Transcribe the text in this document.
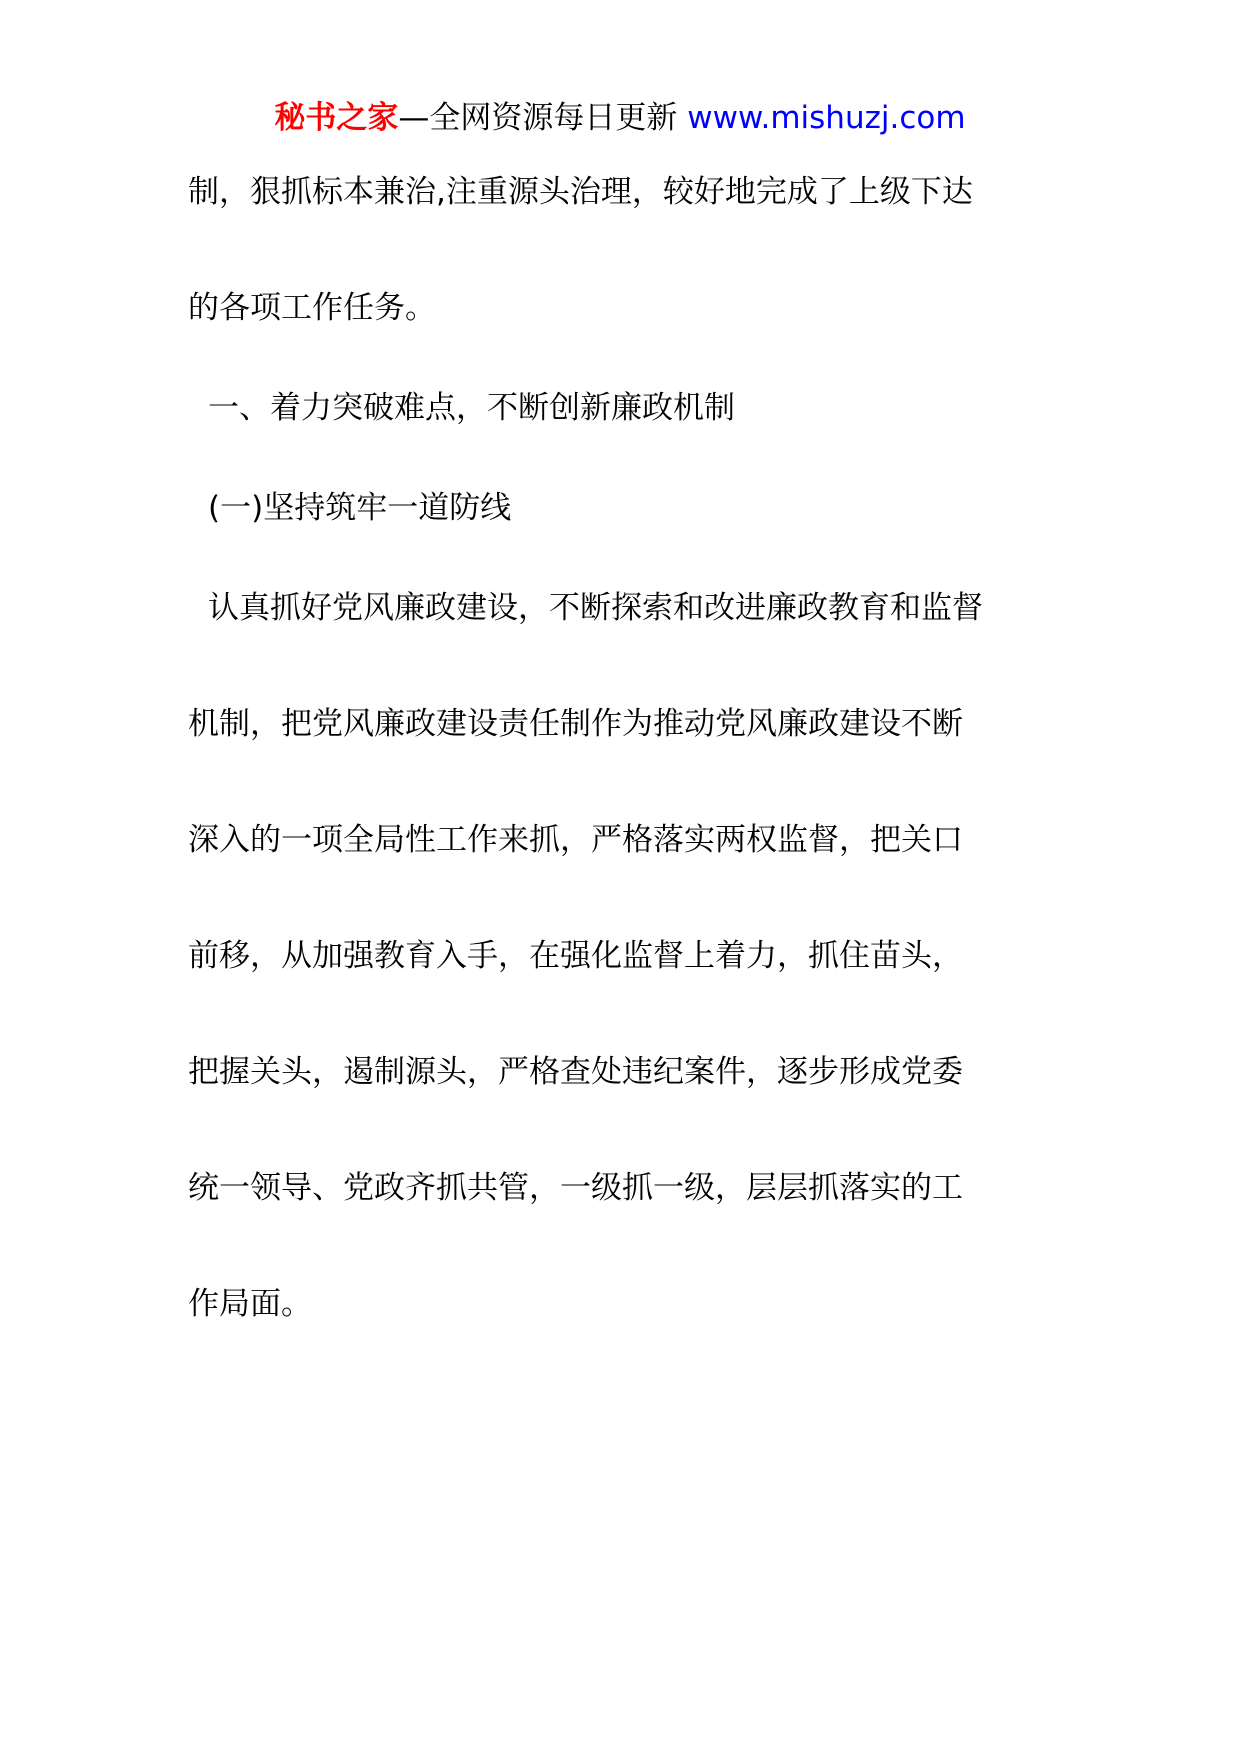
秘书之家—全网资源每日更新 www.mishuzj.com
制，狠抓标本兼治,注重源头治理，较好地完成了上级下达
的各项工作任务。
一、着力突破难点，不断创新廉政机制
(一)坚持筑牢一道防线
认真抓好党风廉政建设，不断探索和改进廉政教育和监督
机制，把党风廉政建设责任制作为推动党风廉政建设不断
深入的一项全局性工作来抓，严格落实两权监督，把关口
前移，从加强教育入手，在强化监督上着力，抓住苗头，
把握关头，遏制源头，严格查处违纪案件，逐步形成党委
统一领导、党政齐抓共管，一级抓一级，层层抓落实的工
作局面。
